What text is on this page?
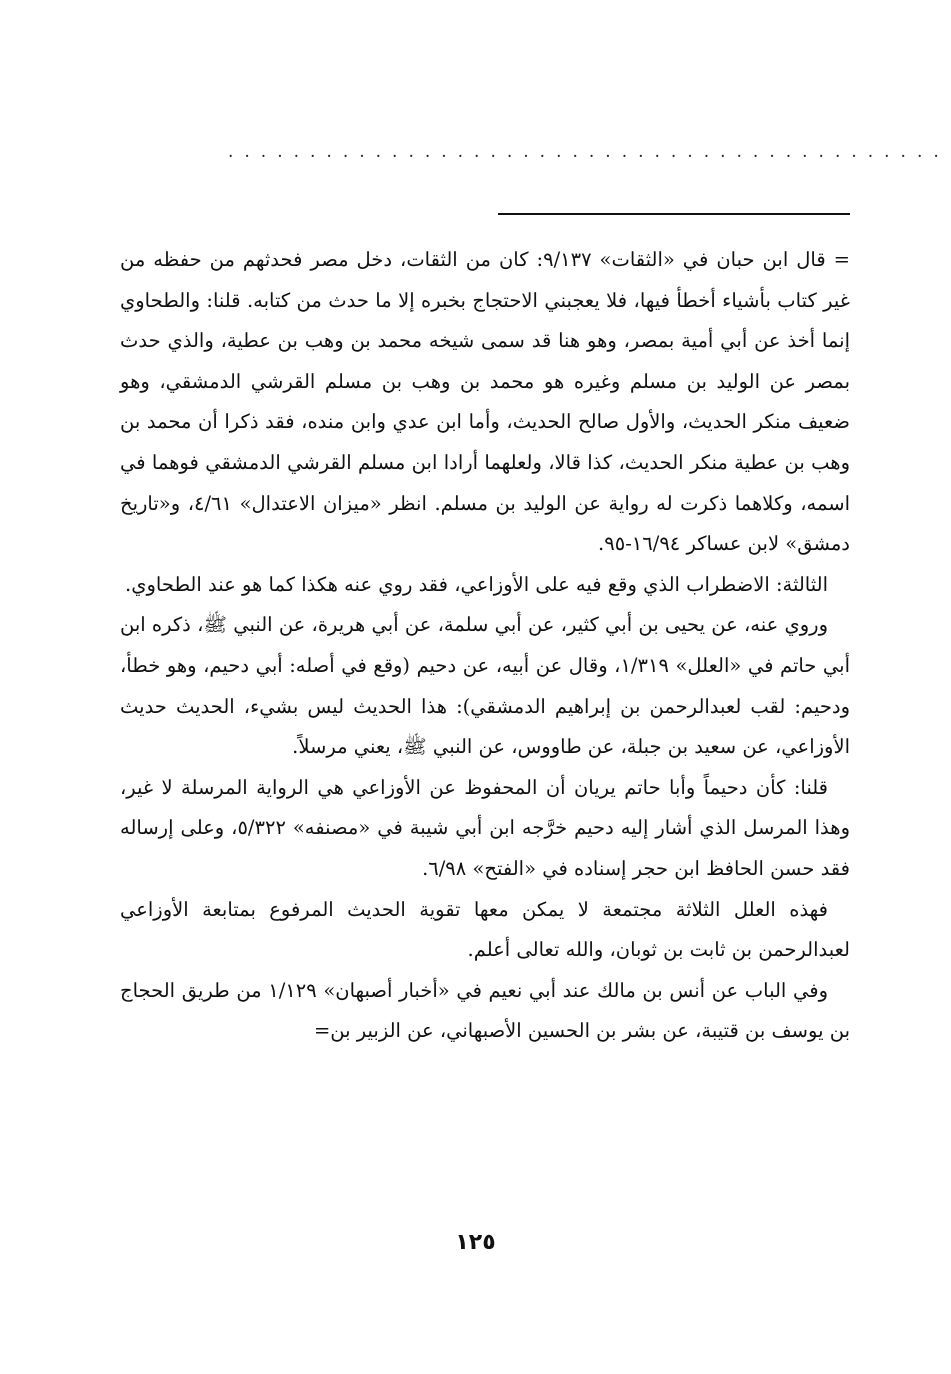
............................................

= قال ابن حبان في «الثقات» ٩/١٣٧: كان من الثقات، دخل مصر فحدثهم من حفظه من غير كتاب بأشياء أخطأ فيها، فلا يعجبني الاحتجاج بخبره إلا ما حدث من كتابه. قلنا: والطحاوي إنما أخذ عن أبي أمية بمصر، وهو هنا قد سمى شيخه محمد بن وهب بن عطية، والذي حدث بمصر عن الوليد بن مسلم وغيره هو محمد بن وهب بن مسلم القرشي الدمشقي، وهو ضعيف منكر الحديث، والأول صالح الحديث، وأما ابن عدي وابن منده، فقد ذكرا أن محمد بن وهب بن عطية منكر الحديث، كذا قالا، ولعلهما أرادا ابن مسلم القرشي الدمشقي فوهما في اسمه، وكلاهما ذكرت له رواية عن الوليد بن مسلم. انظر «ميزان الاعتدال» ٤/٦١، و«تاريخ دمشق» لابن عساكر ١٦/٩٤-٩٥.

الثالثة: الاضطراب الذي وقع فيه على الأوزاعي، فقد روي عنه هكذا كما هو عند الطحاوي.

وروي عنه، عن يحيى بن أبي كثير، عن أبي سلمة، عن أبي هريرة، عن النبي ﷺ، ذكره ابن أبي حاتم في «العلل» ١/٣١٩، وقال عن أبيه، عن دحيم (وقع في أصله: أبي دحيم، وهو خطأ، ودحيم: لقب لعبدالرحمن بن إبراهيم الدمشقي): هذا الحديث ليس بشيء، الحديث حديث الأوزاعي، عن سعيد بن جبلة، عن طاووس، عن النبي ﷺ، يعني مرسلاً.

قلنا: كأن دحيماً وأبا حاتم يريان أن المحفوظ عن الأوزاعي هي الرواية المرسلة لا غير، وهذا المرسل الذي أشار إليه دحيم خرَّجه ابن أبي شيبة في «مصنفه» ٥/٣٢٢، وعلى إرساله فقد حسن الحافظ ابن حجر إسناده في «الفتح» ٦/٩٨.

فهذه العلل الثلاثة مجتمعة لا يمكن معها تقوية الحديث المرفوع بمتابعة الأوزاعي لعبدالرحمن بن ثابت بن ثوبان، والله تعالى أعلم.

وفي الباب عن أنس بن مالك عند أبي نعيم في «أخبار أصبهان» ١/١٢٩ من طريق الحجاج بن يوسف بن قتيبة، عن بشر بن الحسين الأصبهاني، عن الزبير بن=

١٢٥
